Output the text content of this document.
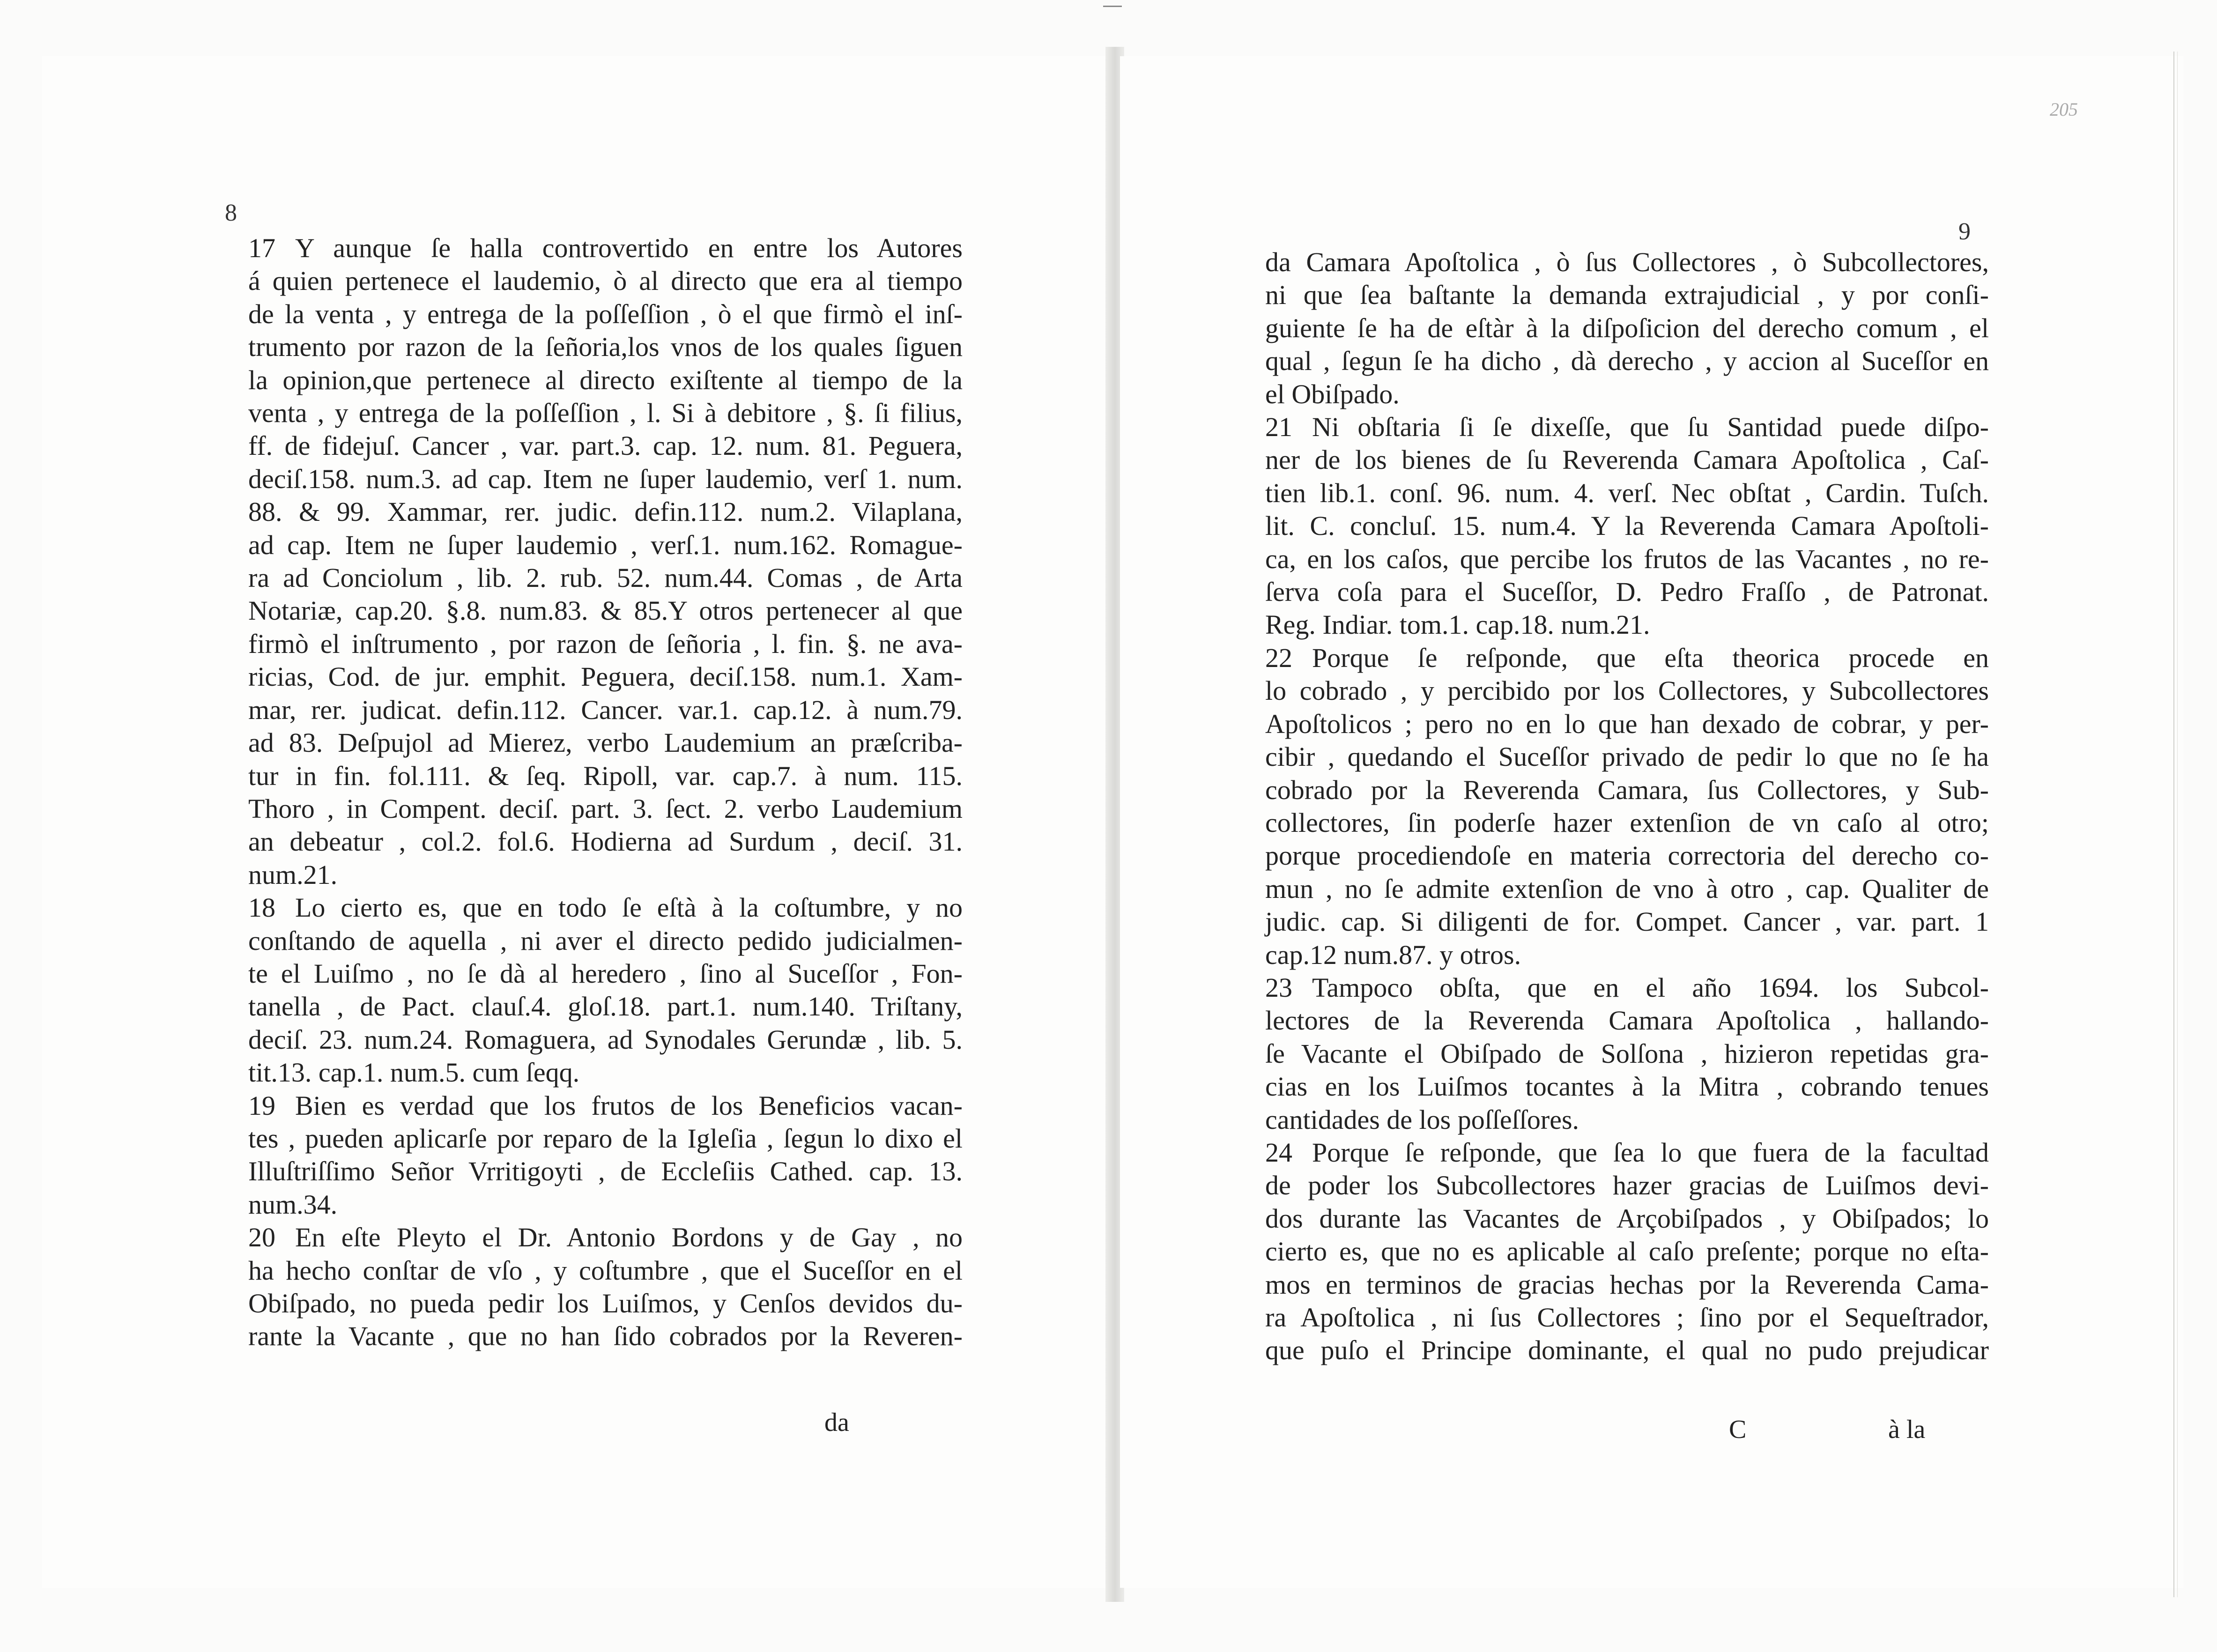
8
17 Y aunque ſe halla controvertido en entre los Autores
á quien pertenece el laudemio, ò al directo que era al tiempo
de la venta , y entrega de la poſſeſſion , ò el que firmò el inſ-
trumento por razon de la ſeñoria,los vnos de los quales ſiguen
la opinion,que pertenece al directo exiſtente al tiempo de la
venta , y entrega de la poſſeſſion , l. Si à debitore , §. ſi filius,
ff. de fidejuſ. Cancer , var. part.3. cap. 12. num. 81. Peguera,
deciſ.158. num.3. ad cap. Item ne ſuper laudemio, verſ 1. num.
88. & 99. Xammar, rer. judic. defin.112. num.2. Vilaplana,
ad cap. Item ne ſuper laudemio , verſ.1. num.162. Romague-
ra ad Conciolum , lib. 2. rub. 52. num.44. Comas , de Arta
Notariæ, cap.20. §.8. num.83. & 85.Y otros pertenecer al que
firmò el inſtrumento , por razon de ſeñoria , l. fin. §. ne ava-
ricias, Cod. de jur. emphit. Peguera, deciſ.158. num.1. Xam-
mar, rer. judicat. defin.112. Cancer. var.1. cap.12. à num.79.
ad 83. Deſpujol ad Mierez, verbo Laudemium an præſcriba-
tur in fin. fol.111. & ſeq. Ripoll, var. cap.7. à num. 115.
Thoro , in Compent. deciſ. part. 3. ſect. 2. verbo Laudemium
an debeatur , col.2. fol.6. Hodierna ad Surdum , deciſ. 31.
num.21.
18 Lo cierto es, que en todo ſe eſtà à la coſtumbre, y no
conſtando de aquella , ni aver el directo pedido judicialmen-
te el Luiſmo , no ſe dà al heredero , ſino al Suceſſor , Fon-
tanella , de Pact. clauſ.4. gloſ.18. part.1. num.140. Triſtany,
deciſ. 23. num.24. Romaguera, ad Synodales Gerundæ , lib. 5.
tit.13. cap.1. num.5. cum ſeqq.
19 Bien es verdad que los frutos de los Beneficios vacan-
tes , pueden aplicarſe por reparo de la Igleſia , ſegun lo dixo el
Illuſtriſſimo Señor Vrritigoyti , de Eccleſiis Cathed. cap. 13.
num.34.
20 En eſte Pleyto el Dr. Antonio Bordons y de Gay , no
ha hecho conſtar de vſo , y coſtumbre , que el Suceſſor en el
Obiſpado, no pueda pedir los Luiſmos, y Cenſos devidos du-
rante la Vacante , que no han ſido cobrados por la Reveren-
da
205
9
da Camara Apoſtolica , ò ſus Collectores , ò Subcollectores,
ni que ſea baſtante la demanda extrajudicial , y por conſi-
guiente ſe ha de eſtàr à la diſpoſicion del derecho comum , el
qual , ſegun ſe ha dicho , dà derecho , y accion al Suceſſor en
el Obiſpado.
21 Ni obſtaria ſi ſe dixeſſe, que ſu Santidad puede diſpo-
ner de los bienes de ſu Reverenda Camara Apoſtolica , Caſ-
tien lib.1. conſ. 96. num. 4. verſ. Nec obſtat , Cardin. Tuſch.
lit. C. concluſ. 15. num.4. Y la Reverenda Camara Apoſtoli-
ca, en los caſos, que percibe los frutos de las Vacantes , no re-
ſerva coſa para el Suceſſor, D. Pedro Fraſſo , de Patronat.
Reg. Indiar. tom.1. cap.18. num.21.
22 Porque ſe reſponde, que eſta theorica procede en
lo cobrado , y percibido por los Collectores, y Subcollectores
Apoſtolicos ; pero no en lo que han dexado de cobrar, y per-
cibir , quedando el Suceſſor privado de pedir lo que no ſe ha
cobrado por la Reverenda Camara, ſus Collectores, y Sub-
collectores, ſin poderſe hazer extenſion de vn caſo al otro;
porque procediendoſe en materia correctoria del derecho co-
mun , no ſe admite extenſion de vno à otro , cap. Qualiter de
judic. cap. Si diligenti de for. Compet. Cancer , var. part. 1
cap.12 num.87. y otros.
23 Tampoco obſta, que en el año 1694. los Subcol-
lectores de la Reverenda Camara Apoſtolica , hallando-
ſe Vacante el Obiſpado de Solſona , hizieron repetidas gra-
cias en los Luiſmos tocantes à la Mitra , cobrando tenues
cantidades de los poſſeſſores.
24 Porque ſe reſponde, que ſea lo que fuera de la facultad
de poder los Subcollectores hazer gracias de Luiſmos devi-
dos durante las Vacantes de Arçobiſpados , y Obiſpados; lo
cierto es, que no es aplicable al caſo preſente; porque no eſta-
mos en terminos de gracias hechas por la Reverenda Cama-
ra Apoſtolica , ni ſus Collectores ; ſino por el Sequeſtrador,
que puſo el Principe dominante, el qual no pudo prejudicar
C	à la
